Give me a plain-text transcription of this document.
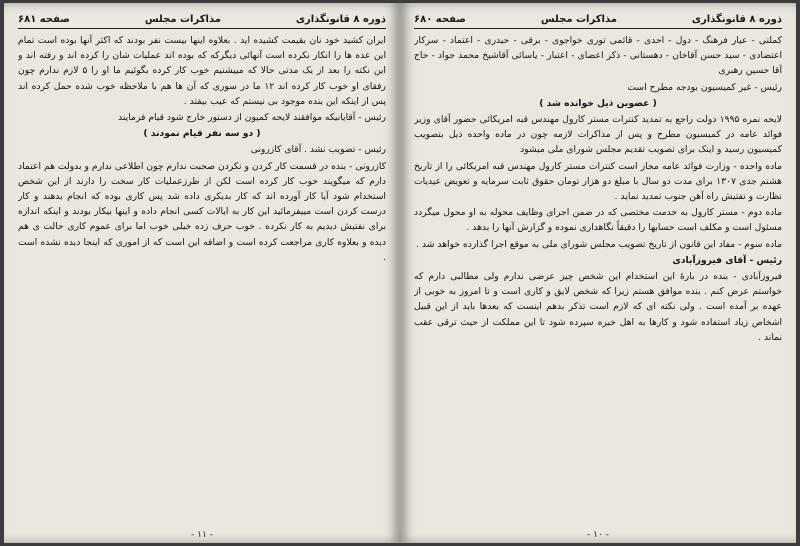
ذوره ۸ قانونگذاری
مذاکرات مجلس
صفحه ۶۸۱

ایران کشید خود نان بقیمت کشیده اید . بعلاوه اینها بیست نفر بودند که اکثر آنها بوده است تمام این عده ها را انکار نکرده است آنهائی دیگرکه که بوده اند عملیات شان را کرده اند و رفته اند و این نکته را بعد از یک مدتی حالا که مییشنیم خوب کار کرده بگوئیم ما او را ۵ لازم ندارم چون رفقای او خوب کار کرده اند ۱۲ ما در سوری که آن ها هم با ملاحظه خوب شده حمل کرده اند پس از اینکه این بنده موجود بی نیستم که عیب بیفتد .

رئیس - آقایانیکه موافقند لایحه کمیون از دستور خارج شود قیام فرمایند

( دو سه نفر قیام نمودند )

رئیس - تصویب نشد . آقای کازرونی

کازرونی - بنده در قسمت کار کردن و نکردن صحبت ندارم چون اطلاعی ندارم و بدولت هم اعتماد دارم که میگویند خوب کار کرده است لکن از طرزعملیات کار سخت را دارند از این شخص استخدام شود آیا کار آورده اند که کار بدیکری داده شد پس کاری بوده که انجام بدهند و کار درست کردن است مییفرمائید این کار به ایالات کسی انجام داده و اینها بیکار بودند و اینکه اندازه برای نفتیش دیدیم به کار نکرده . خوب حرف زده خیلی خوب اما برای عموم کاری حالت ی هم دیده و بعلاوه کاری مراجعت کرده است و اضافه این است که از اموری که اینجا دیده نشده است .

- ۱۱ -
ذوره ۸ قانونگذاری
مذاکرات مجلس
صفحه ۶۸۰

کملتی - عیار فرهنگ - دول - احدی - قائمی توری خواجوی - برقی - حیدری - اعتماد - سرکار اعتضادی - سید حسن آقاخان - دهستانی - ذکر اعضای - اعتبار - یاسائی آقاشیخ محمد جواد - حاج آقا حسین رهبری

رئیس - غیر کمیسیون بودجه مطرح است

( عضوین ذیل خوانده شد )

لایحه نمره ۱۹۹۵ دولت راجع به تمدید کنترات مستر کارول مهندس قبه امریکائی حضور آقای وزیر فوائد عامه در کمیسیون مطرح و پس از مذاکرات لازمه چون در ماده واحده ذیل بتصویب کمیسیون رسید و اینک برای تصویب تقدیم مجلس شورای ملی میشود

ماده واحده - وزارت فوائد عامه مجاز است کنترات مستر کارول مهندس قبه امریکائی را از تاریخ هشتم جدی ۱۳۰۷ برای مدت دو سال با مبلغ دو هزار تومان حقوق ثابت سرمایه و تعویض عیدیات نظارت و تفتیش راه آهن جنوب تمدید نماید .

ماده دوم - مستر کارول به خدمت مختصی که در ضمن اجرای وظایف محوله به او محول میگردد مسئول است و مکلف است حسابها را دقیقاً نگاهداری نموده و گزارش آنها را بدهد .

ماده سوم - مفاد این قانون از تاریخ تصویب مجلس شورای ملی به موقع اجرا گذارده خواهد شد .

رئیس - آقای فیروزآبادی

فیروزآبادی - بنده در بارهٔ این استخدام این شخص چیز عرضی ندارم ولی مطالبی دارم که خواستم عرض کنم . بنده موافق هستم زیرا که شخص لایق و کاری است و تا امروز به خوبی از عهده بر آمده است . ولی نکته ای که لازم است تذکر بدهم اینست که بعدها باید از این قبیل اشخاص زیاد استفاده شود و کارها به اهل خبره سپرده شود تا این مملکت از حیث ترقی عقب نماند .

- ۱۰ -
